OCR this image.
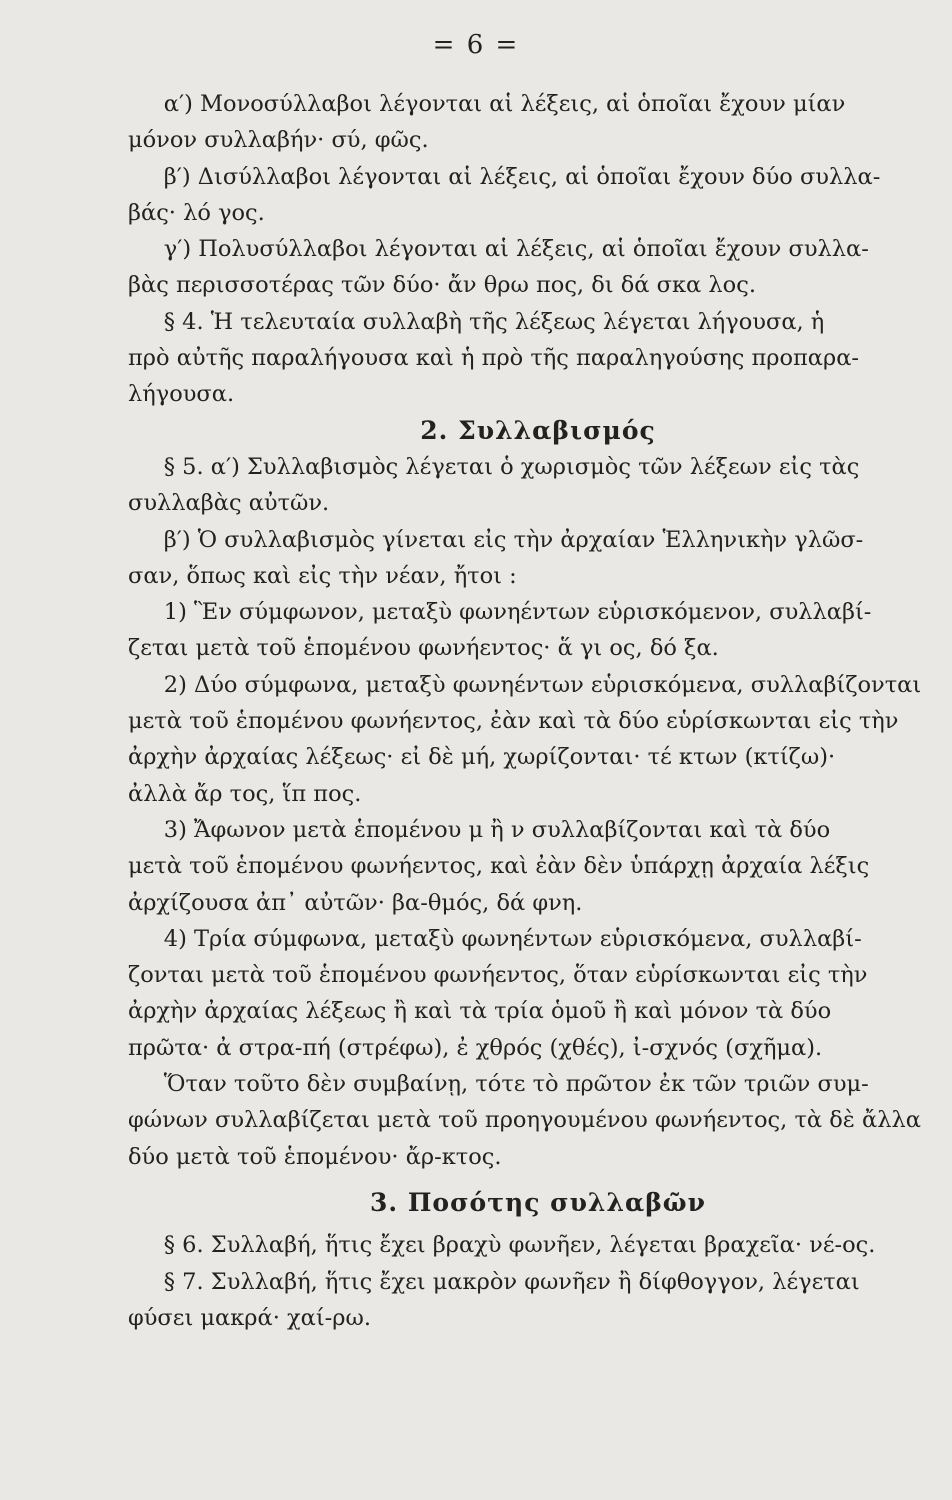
= 6 =
α′) Μονοσύλλαβοι λέγονται αἱ λέξεις, αἱ ὁποῖαι ἔχουν μίαν
μόνον συλλαβήν· σύ, φῶς.
β′) Δισύλλαβοι λέγονται αἱ λέξεις, αἱ ὁποῖαι ἔχουν δύο συλλα-
βάς· λό γος.
γ′) Πολυσύλλαβοι λέγονται αἱ λέξεις, αἱ ὁποῖαι ἔχουν συλλα-
βὰς περισσοτέρας τῶν δύο· ἄν θρω πος, δι δά σκα λος.
§ 4. Ἡ τελευταία συλλαβὴ τῆς λέξεως λέγεται λήγουσα, ἡ
πρὸ αὐτῆς παραλήγουσα καὶ ἡ πρὸ τῆς παραληγούσης προπαρα-
λήγουσα.
2. Συλλαβισμός
§ 5. α′) Συλλαβισμὸς λέγεται ὁ χωρισμὸς τῶν λέξεων εἰς τὰς
συλλαβὰς αὐτῶν.
β′) Ὁ συλλαβισμὸς γίνεται εἰς τὴν ἀρχαίαν Ἑλληνικὴν γλῶσ-
σαν, ὅπως καὶ εἰς τὴν νέαν, ἤτοι :
1) Ἓν σύμφωνον, μεταξὺ φωνηέντων εὑρισκόμενον, συλλαβί-
ζεται μετὰ τοῦ ἑπομένου φωνήεντος· ἅ γι ος, δό ξα.
2) Δύο σύμφωνα, μεταξὺ φωνηέντων εὑρισκόμενα, συλλαβίζονται
μετὰ τοῦ ἑπομένου φωνήεντος, ἐὰν καὶ τὰ δύο εὑρίσκωνται εἰς τὴν
ἀρχὴν ἀρχαίας λέξεως· εἰ δὲ μή, χωρίζονται· τέ κτων (κτίζω)·
ἀλλὰ ἄρ τος, ἵπ πος.
3) Ἄφωνον μετὰ ἑπομένου μ ἢ ν συλλαβίζονται καὶ τὰ δύο
μετὰ τοῦ ἑπομένου φωνήεντος, καὶ ἐὰν δὲν ὑπάρχῃ ἀρχαία λέξις
ἀρχίζουσα ἀπ᾽ αὐτῶν· βα-θμός, δά φνη.
4) Τρία σύμφωνα, μεταξὺ φωνηέντων εὑρισκόμενα, συλλαβί-
ζονται μετὰ τοῦ ἑπομένου φωνήεντος, ὅταν εὑρίσκωνται εἰς τὴν
ἀρχὴν ἀρχαίας λέξεως ἢ καὶ τὰ τρία ὁμοῦ ἢ καὶ μόνον τὰ δύο
πρῶτα· ἀ στρα-πή (στρέφω), ἐ χθρός (χθές), ἰ-σχνός (σχῆμα).
Ὅταν τοῦτο δὲν συμβαίνῃ, τότε τὸ πρῶτον ἐκ τῶν τριῶν συμ-
φώνων συλλαβίζεται μετὰ τοῦ προηγουμένου φωνήεντος, τὰ δὲ ἄλλα
δύο μετὰ τοῦ ἑπομένου· ἄρ-κτος.
3. Ποσότης συλλαβῶν
§ 6. Συλλαβή, ἥτις ἔχει βραχὺ φωνῆεν, λέγεται βραχεῖα· νέ-ος.
§ 7. Συλλαβή, ἥτις ἔχει μακρὸν φωνῆεν ἢ δίφθογγον, λέγεται
φύσει μακρά· χαί-ρω.
